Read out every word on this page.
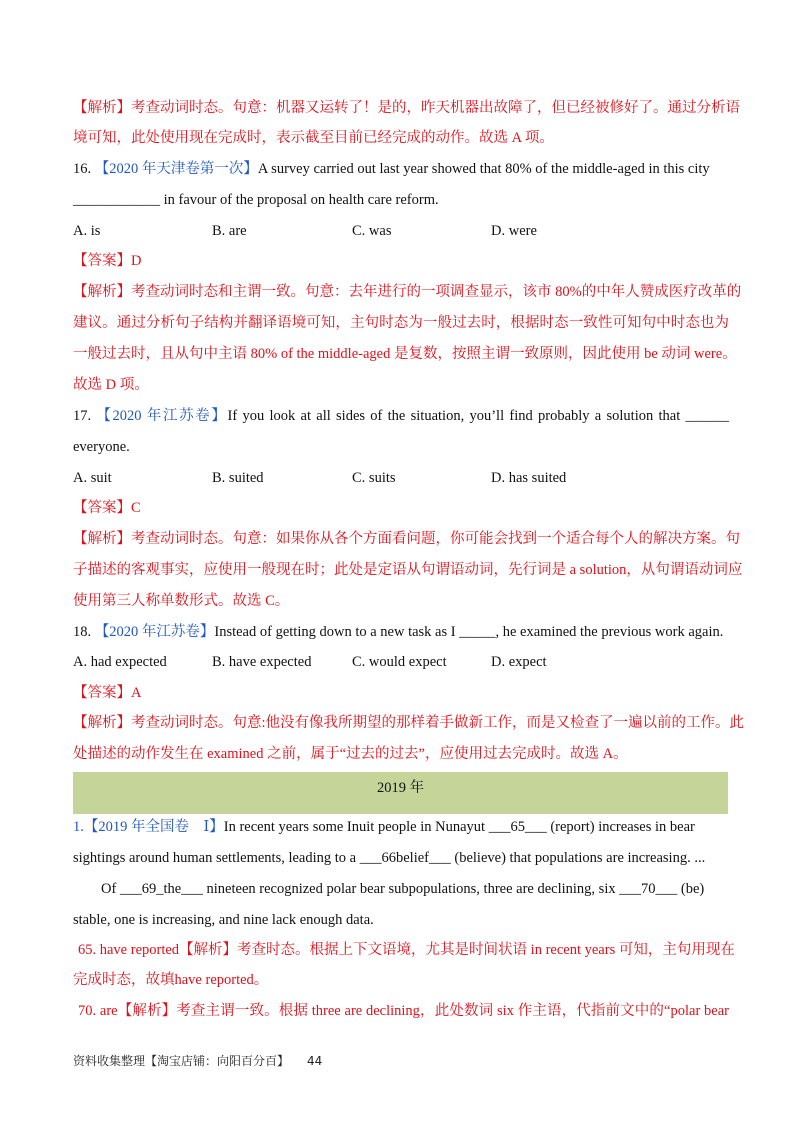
【解析】考查动词时态。句意：机器又运转了！是的，昨天机器出故障了，但已经被修好了。通过分析语
境可知，此处使用现在完成时，表示截至目前已经完成的动作。故选 A 项。
16. 【2020 年天津卷第一次】A survey carried out last year showed that 80% of the middle-aged in this city
____________ in favour of the proposal on health care reform.
A. is	B. are	C. was	D. were
【答案】D
【解析】考查动词时态和主谓一致。句意：去年进行的一项调查显示，该市 80%的中年人赞成医疗改革的
建议。通过分析句子结构并翻译语境可知，主句时态为一般过去时，根据时态一致性可知句中时态也为
一般过去时，且从句中主语 80% of the middle-aged 是复数，按照主谓一致原则，因此使用 be 动词 were。
故选 D 项。
17. 【2020 年江苏卷】If you look at all sides of the situation, you’ll find probably a solution that ______
everyone.
A. suit	B. suited	C. suits	D. has suited
【答案】C
【解析】考查动词时态。句意：如果你从各个方面看问题，你可能会找到一个适合每个人的解决方案。句
子描述的客观事实，应使用一般现在时；此处是定语从句谓语动词，先行词是 a solution，从句谓语动词应
使用第三人称单数形式。故选 C。
18. 【2020 年江苏卷】Instead of getting down to a new task as I _____, he examined the previous work again.
A. had expected	B. have expected	C. would expect	D. expect
【答案】A
【解析】考查动词时态。句意:他没有像我所期望的那样着手做新工作，而是又检查了一遍以前的工作。此
处描述的动作发生在 examined 之前，属于“过去的过去”，应使用过去完成时。故选 A。
2019 年
1.【2019 年全国卷　Ⅰ】In recent years some Inuit people in Nunayut ___65___ (report) increases in bear
sightings around human settlements, leading to a ___66belief___ (believe) that populations are increasing. ...
Of ___69_the___ nineteen recognized polar bear subpopulations, three are declining, six ___70___ (be)
stable, one is increasing, and nine lack enough data.
65. have reported【解析】考查时态。根据上下文语境，尤其是时间状语 in recent years 可知，主句用现在
完成时态，故填have reported。
70. are【解析】考查主谓一致。根据 three are declining，此处数词 six 作主语，代指前文中的“polar bear
资料收集整理【淘宝店铺：向阳百分百】 44
